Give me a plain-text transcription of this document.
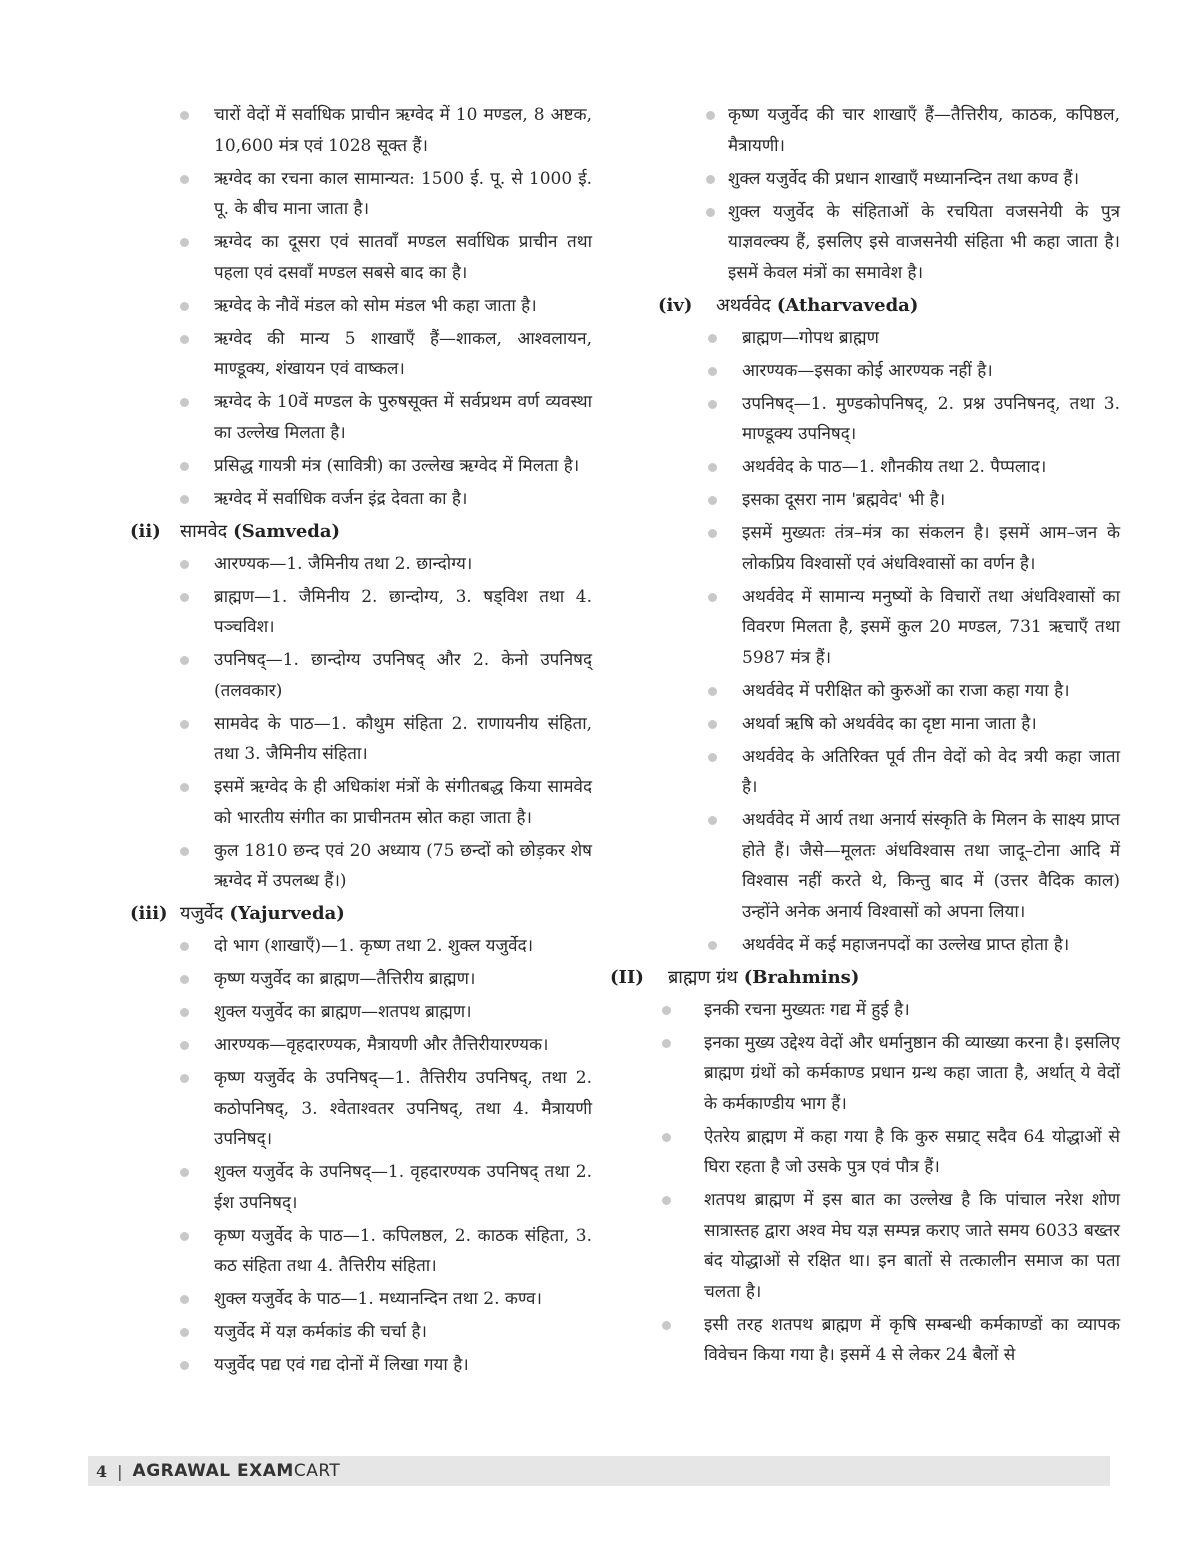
चारों वेदों में सर्वाधिक प्राचीन ऋग्वेद में 10 मण्डल, 8 अष्टक, 10,600 मंत्र एवं 1028 सूक्त हैं।
ऋग्वेद का रचना काल सामान्यत: 1500 ई. पू. से 1000 ई. पू. के बीच माना जाता है।
ऋग्वेद का दूसरा एवं सातवाँ मण्डल सर्वाधिक प्राचीन तथा पहला एवं दसवाँ मण्डल सबसे बाद का है।
ऋग्वेद के नौवें मंडल को सोम मंडल भी कहा जाता है।
ऋग्वेद की मान्य 5 शाखाएँ हैं—शाकल, आश्वलायन, माण्डूक्य, शंखायन एवं वाष्कल।
ऋग्वेद के 10वें मण्डल के पुरुषसूक्त में सर्वप्रथम वर्ण व्यवस्था का उल्लेख मिलता है।
प्रसिद्ध गायत्री मंत्र (सावित्री) का उल्लेख ऋग्वेद में मिलता है।
ऋग्वेद में सर्वाधिक वर्जन इंद्र देवता का है।
(ii)	सामवेद (Samveda)
आरण्यक—1. जैमिनीय तथा 2. छान्दोग्य।
ब्राह्मण—1. जैमिनीय 2. छान्दोग्य, 3. षड्विश तथा 4. पञ्चविश।
उपनिषद्—1. छान्दोग्य उपनिषद् और 2. केनो उपनिषद् (तलवकार)
सामवेद के पाठ—1. कौथुम संहिता 2. राणायनीय संहिता, तथा 3. जैमिनीय संहिता।
इसमें ऋग्वेद के ही अधिकांश मंत्रों के संगीतबद्ध किया सामवेद को भारतीय संगीत का प्राचीनतम स्रोत कहा जाता है।
कुल 1810 छन्द एवं 20 अध्याय (75 छन्दों को छोड़कर शेष ऋग्वेद में उपलब्ध हैं।)
(iii) यजुर्वेद (Yajurveda)
दो भाग (शाखाएँ)—1. कृष्ण तथा 2. शुक्ल यजुर्वेद।
कृष्ण यजुर्वेद का ब्राह्मण—तैत्तिरीय ब्राह्मण।
शुक्ल यजुर्वेद का ब्राह्मण—शतपथ ब्राह्मण।
आरण्यक—वृहदारण्यक, मैत्रायणी और तैत्तिरीयारण्यक।
कृष्ण यजुर्वेद के उपनिषद्—1. तैत्तिरीय उपनिषद्, तथा 2. कठोपनिषद्, 3. श्वेताश्वतर उपनिषद्, तथा 4. मैत्रायणी उपनिषद्।
शुक्ल यजुर्वेद के उपनिषद्—1. वृहदारण्यक उपनिषद् तथा 2. ईश उपनिषद्।
कृष्ण यजुर्वेद के पाठ—1. कपिलष्ठल, 2. काठक संहिता, 3. कठ संहिता तथा 4. तैत्तिरीय संहिता।
शुक्ल यजुर्वेद के पाठ—1. मध्यानन्दिन तथा 2. कण्व।
यजुर्वेद में यज्ञ कर्मकांड की चर्चा है।
यजुर्वेद पद्य एवं गद्य दोनों में लिखा गया है।
कृष्ण यजुर्वेद की चार शाखाएँ हैं—तैत्तिरीय, काठक, कपिष्ठल, मैत्रायणी।
शुक्ल यजुर्वेद की प्रधान शाखाएँ मध्यानन्दिन तथा कण्व हैं।
शुक्ल यजुर्वेद के संहिताओं के रचयिता वजसनेयी के पुत्र याज्ञवल्क्य हैं, इसलिए इसे वाजसनेयी संहिता भी कहा जाता है। इसमें केवल मंत्रों का समावेश है।
(iv)	अथर्ववेद (Atharvaveda)
ब्राह्मण—गोपथ ब्राह्मण
आरण्यक—इसका कोई आरण्यक नहीं है।
उपनिषद्—1. मुण्डकोपनिषद्, 2. प्रश्न उपनिषनद्, तथा 3. माण्डूक्य उपनिषद्।
अथर्ववेद के पाठ—1. शौनकीय तथा 2. पैप्पलाद।
इसका दूसरा नाम 'ब्रह्मवेद' भी है।
इसमें मुख्यतः तंत्र–मंत्र का संकलन है। इसमें आम–जन के लोकप्रिय विश्वासों एवं अंधविश्वासों का वर्णन है।
अथर्ववेद में सामान्य मनुष्यों के विचारों तथा अंधविश्वासों का विवरण मिलता है, इसमें कुल 20 मण्डल, 731 ऋचाएँ तथा 5987 मंत्र हैं।
अथर्ववेद में परीक्षित को कुरुओं का राजा कहा गया है।
अथर्वा ऋषि को अथर्ववेद का दृष्टा माना जाता है।
अथर्ववेद के अतिरिक्त पूर्व तीन वेदों को वेद त्रयी कहा जाता है।
अथर्ववेद में आर्य तथा अनार्य संस्कृति के मिलन के साक्ष्य प्राप्त होते हैं। जैसे—मूलतः अंधविश्वास तथा जादू–टोना आदि में विश्वास नहीं करते थे, किन्तु बाद में (उत्तर वैदिक काल) उन्होंने अनेक अनार्य विश्वासों को अपना लिया।
अथर्ववेद में कई महाजनपदों का उल्लेख प्राप्त होता है।
(II)	ब्राह्मण ग्रंथ (Brahmins)
इनकी रचना मुख्यतः गद्य में हुई है।
इनका मुख्य उद्देश्य वेदों और धर्मानुष्ठान की व्याख्या करना है। इसलिए ब्राह्मण ग्रंथों को कर्मकाण्ड प्रधान ग्रन्थ कहा जाता है, अर्थात् ये वेदों के कर्मकाण्डीय भाग हैं।
ऐतरेय ब्राह्मण में कहा गया है कि कुरु सम्राट् सदैव 64 योद्धाओं से घिरा रहता है जो उसके पुत्र एवं पौत्र हैं।
शतपथ ब्राह्मण में इस बात का उल्लेख है कि पांचाल नरेश शोण सात्रास्तह द्वारा अश्व मेघ यज्ञ सम्पन्न कराए जाते समय 6033 बख्तर बंद योद्धाओं से रक्षित था। इन बातों से तत्कालीन समाज का पता चलता है।
इसी तरह शतपथ ब्राह्मण में कृषि सम्बन्धी कर्मकाण्डों का व्यापक विवेचन किया गया है। इसमें 4 से लेकर 24 बैलों से
4 | AGRAWAL EXAM CART
